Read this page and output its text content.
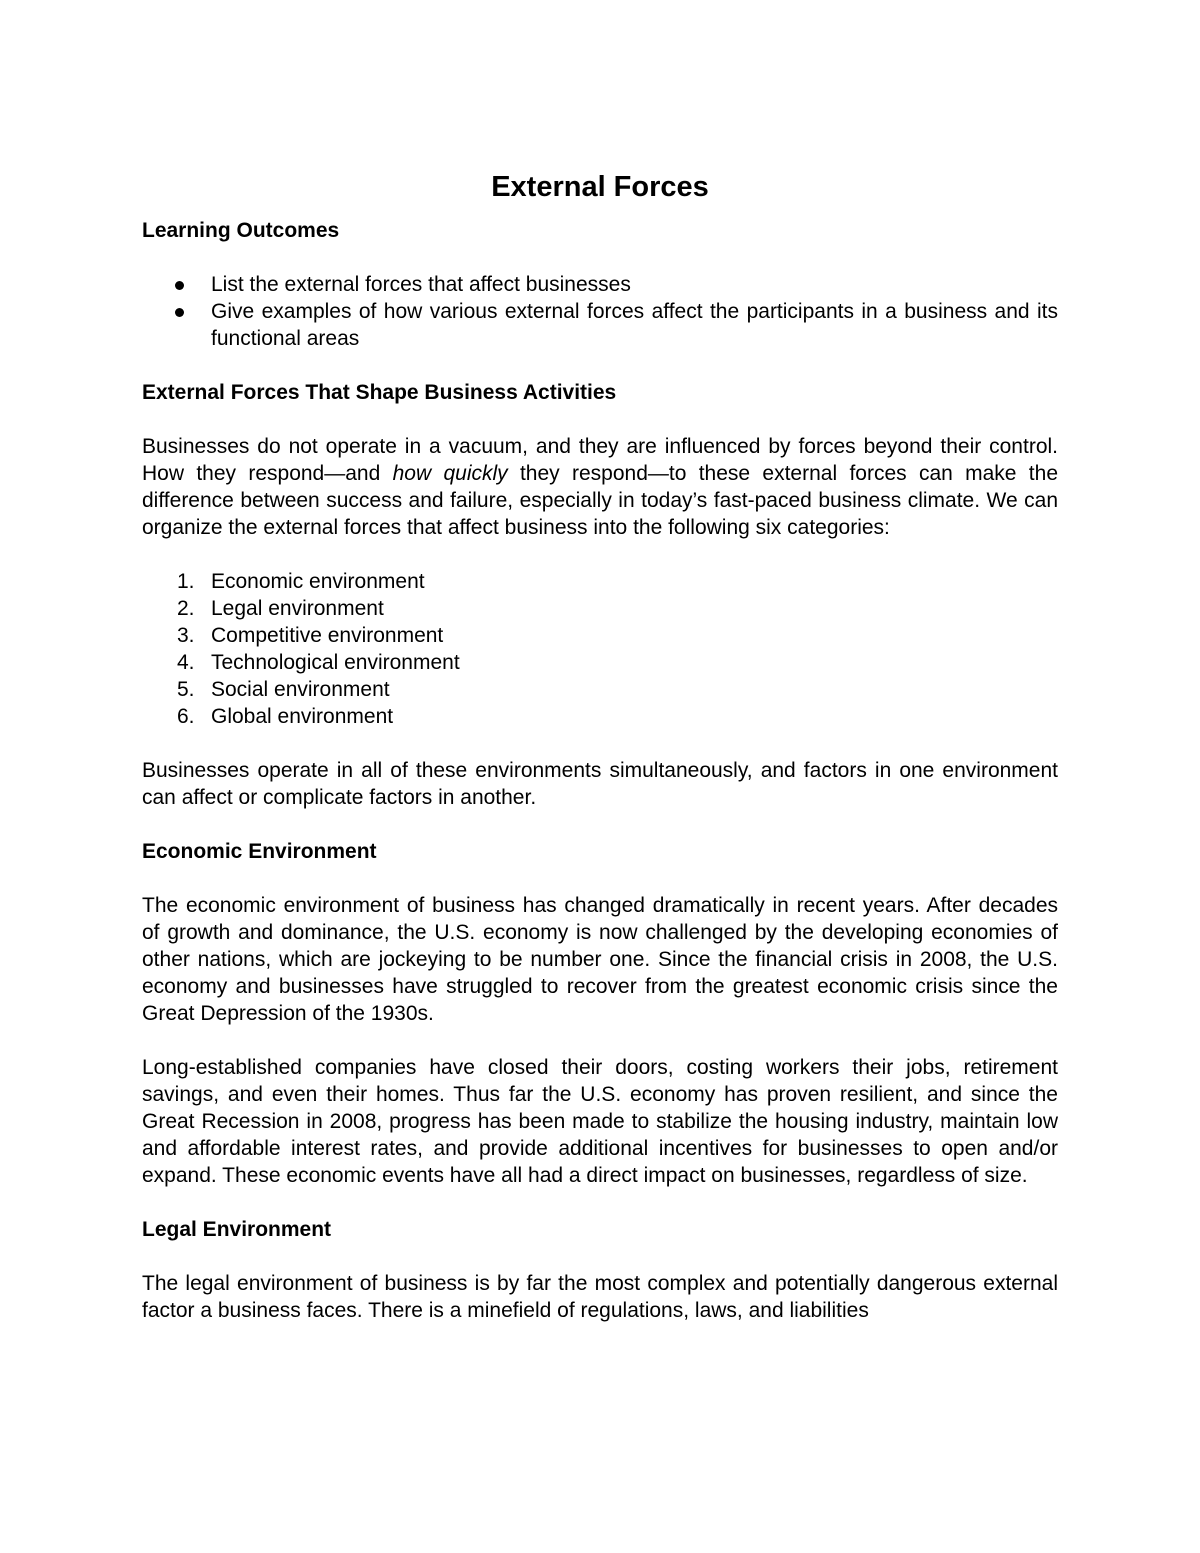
External Forces
Learning Outcomes
List the external forces that affect businesses
Give examples of how various external forces affect the participants in a business and its functional areas
External Forces That Shape Business Activities

Businesses do not operate in a vacuum, and they are influenced by forces beyond their control. How they respond—and how quickly they respond—to these external forces can make the difference between success and failure, especially in today’s fast-paced business climate. We can organize the external forces that affect business into the following six categories:

1. Economic environment
2. Legal environment
3. Competitive environment
4. Technological environment
5. Social environment
6. Global environment

Businesses operate in all of these environments simultaneously, and factors in one environment can affect or complicate factors in another.

Economic Environment

The economic environment of business has changed dramatically in recent years. After decades of growth and dominance, the U.S. economy is now challenged by the developing economies of other nations, which are jockeying to be number one. Since the financial crisis in 2008, the U.S. economy and businesses have struggled to recover from the greatest economic crisis since the Great Depression of the 1930s.

Long-established companies have closed their doors, costing workers their jobs, retirement savings, and even their homes. Thus far the U.S. economy has proven resilient, and since the Great Recession in 2008, progress has been made to stabilize the housing industry, maintain low and affordable interest rates, and provide additional incentives for businesses to open and/or expand. These economic events have all had a direct impact on businesses, regardless of size.

Legal Environment

The legal environment of business is by far the most complex and potentially dangerous external factor a business faces. There is a minefield of regulations, laws, and liabilities
